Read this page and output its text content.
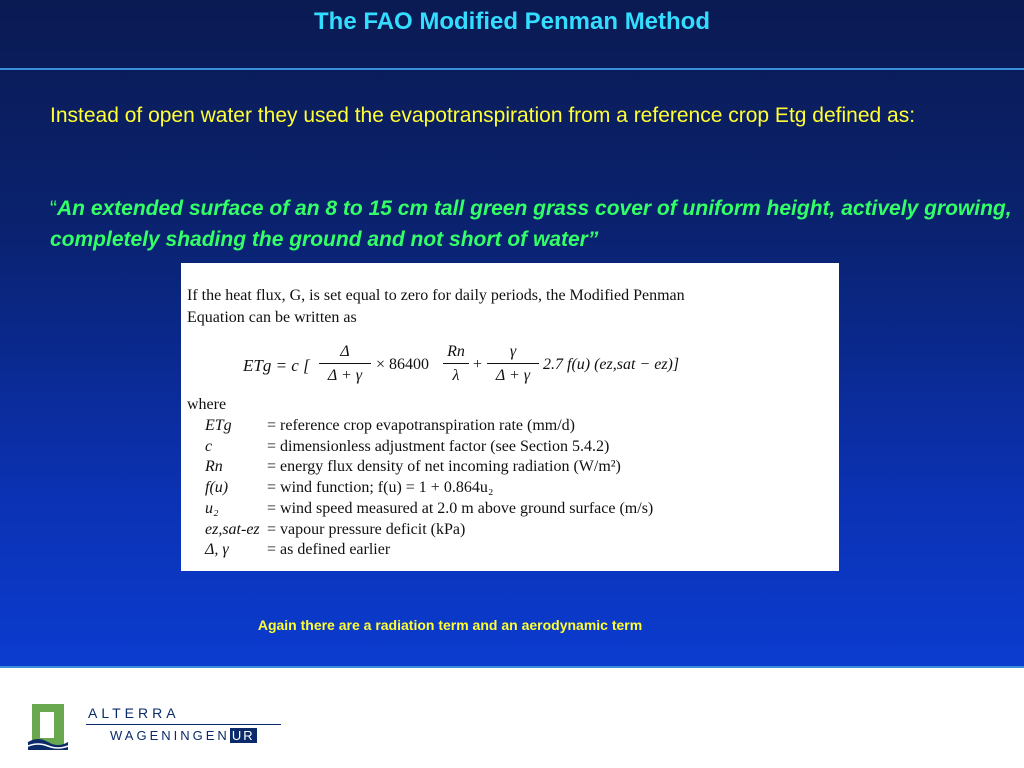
The FAO Modified Penman Method
Instead of open water they used the evapotranspiration from a reference crop Etg defined as:
“An extended surface of an 8 to 15 cm tall green grass cover of uniform height, actively growing, completely shading the ground and not short of water”
If the heat flux, G, is set equal to zero for daily periods, the Modified Penman
Equation can be written as
ETg = c [ $\frac{\Delta}{\Delta + \gamma} \times 86400 \frac{Rn}{\lambda} + \frac{\gamma}{\Delta + \gamma} 2.7$ f(u) (ez,sat − ez)]
where
ETg = reference crop evapotranspiration rate (mm/d)
c	= dimensionless adjustment factor (see Section 5.4.2)
Rn	= energy flux density of net incoming radiation (W/m²)
f(u) = wind function; f(u) = 1 + 0.864u₂
u₂	= wind speed measured at 2.0 m above ground surface (m/s)
ez,sat-ez = vapour pressure deficit (kPa)
Δ, γ = as defined earlier
Again there are a radiation term and an aerodynamic term
ALTERRA
WAGENINGEN UR
